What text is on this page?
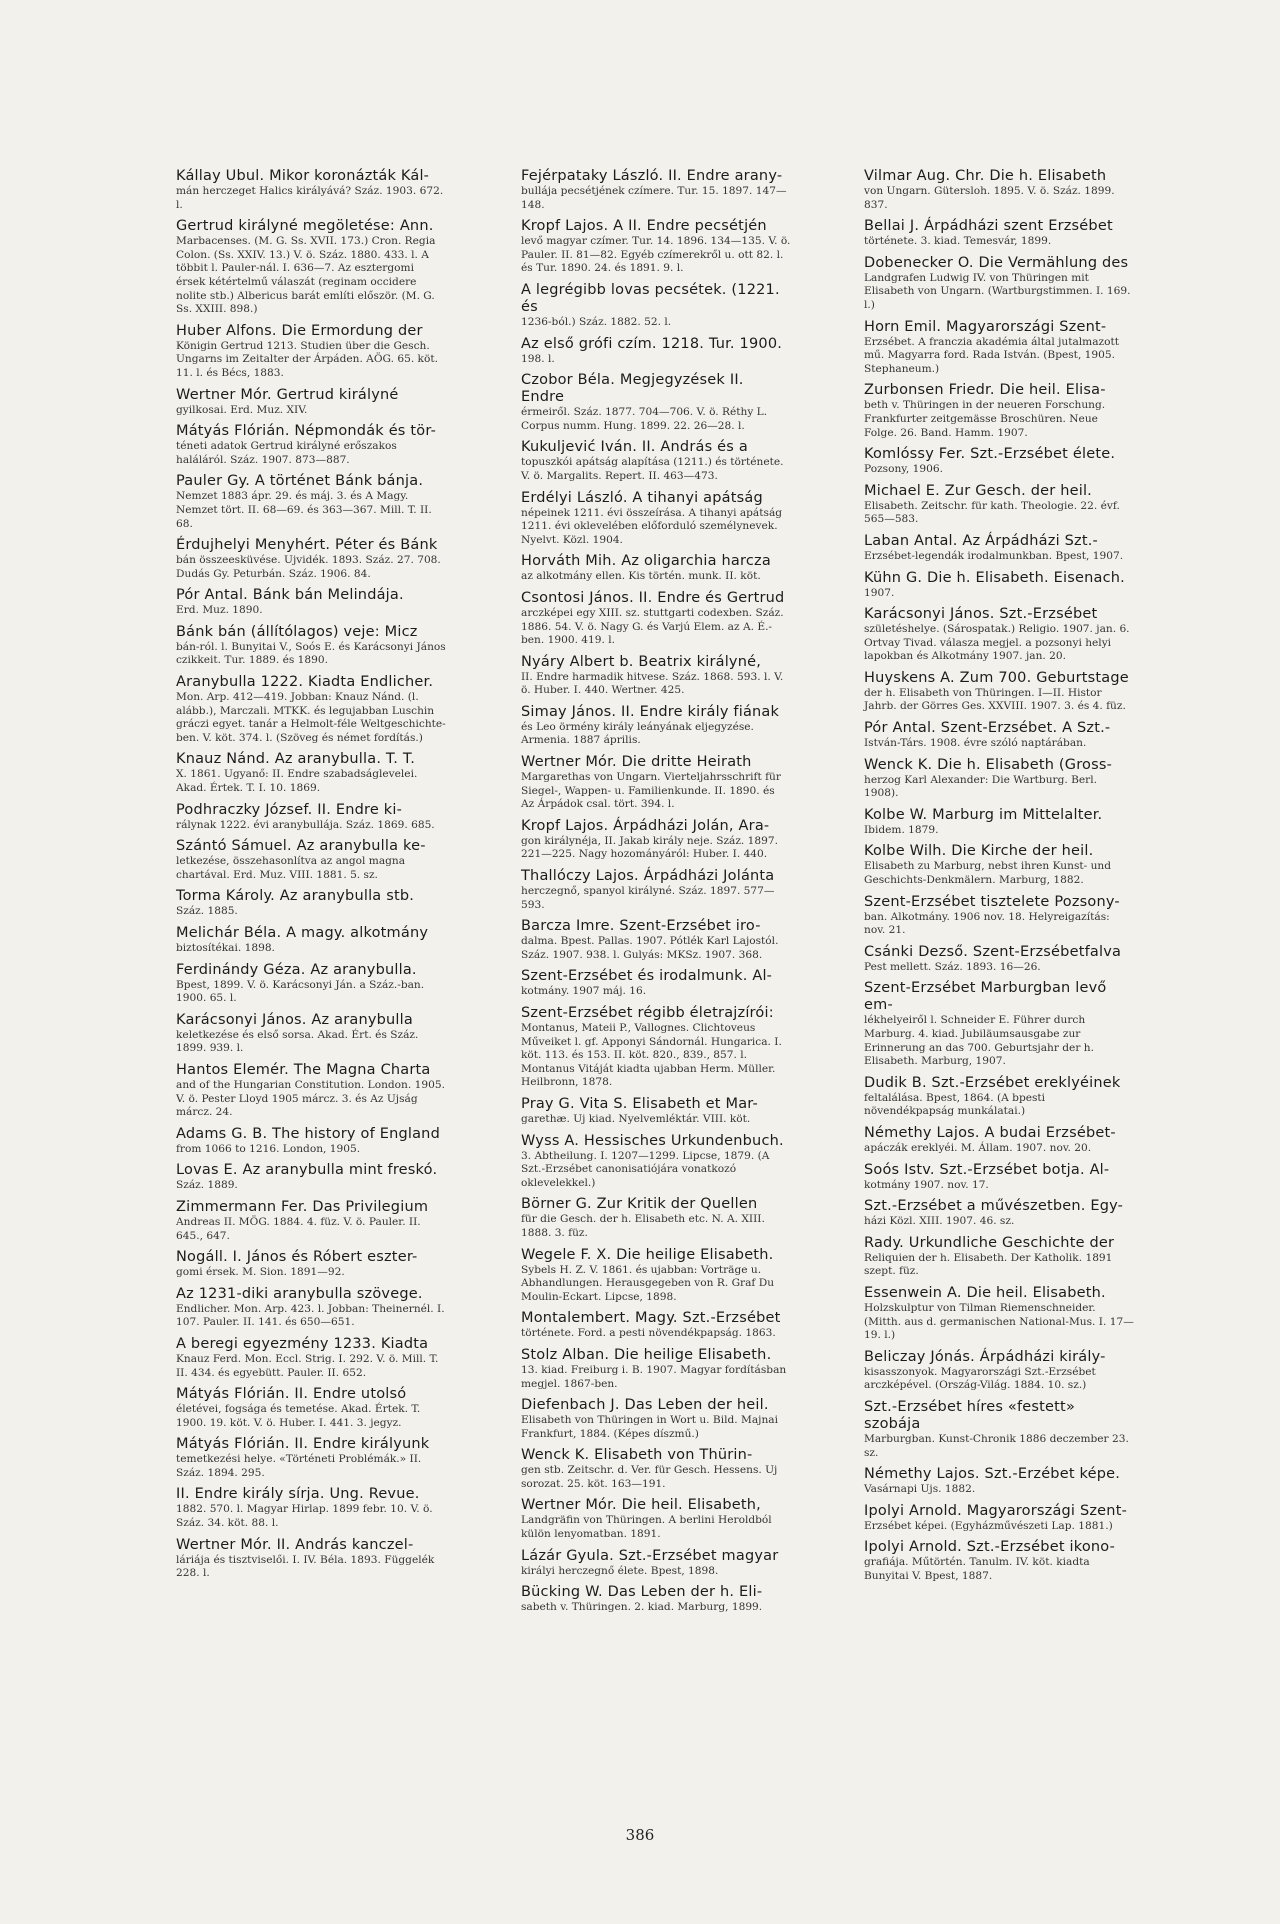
Kállay Ubul. Mikor koronázták Kál-
mán herczeget Halics királyává? Száz. 1903. 672. l.
Gertrud királyné megöletése: Ann.
Marbacenses. (M. G. Ss. XVII. 173.) Cron. Regia Colon. (Ss. XXIV. 13.) V. ö. Száz. 1880. 433. l. A többit l. Pauler-nál. I. 636—7. Az esztergomi érsek kétértelmű válaszát (reginam occidere nolite stb.) Albericus barát említi először. (M. G. Ss. XXIII. 898.)
Huber Alfons. Die Ermordung der
Königin Gertrud 1213. Studien über die Gesch. Ungarns im Zeitalter der Árpáden. AÖG. 65. köt. 11. l. és Bécs, 1883.
Wertner Mór. Gertrud királyné
gyilkosai. Erd. Muz. XIV.
Mátyás Flórián. Népmondák és tör-
téneti adatok Gertrud királyné erőszakos haláláról. Száz. 1907. 873—887.
Pauler Gy. A történet Bánk bánja.
Nemzet 1883 ápr. 29. és máj. 3. és A Magy. Nemzet tört. II. 68—69. és 363—367. Mill. T. II. 68.
Érdujhelyi Menyhért. Péter és Bánk
bán összeesküvése. Ujvidék. 1893. Száz. 27. 708. Dudás Gy. Peturbán. Száz. 1906. 84.
Pór Antal. Bánk bán Melindája.
Erd. Muz. 1890.
Bánk bán (állítólagos) veje: Micz
bán-ról. l. Bunyitai V., Soós E. és Karácsonyi János czikkeit. Tur. 1889. és 1890.
Aranybulla 1222. Kiadta Endlicher.
Mon. Arp. 412—419. Jobban: Knauz Nánd. (l. alább.), Marczali. MTKK. és legujabban Luschin gráczi egyet. tanár a Helmolt-féle Weltgeschichte-ben. V. köt. 374. l. (Szöveg és német fordítás.)
Knauz Nánd. Az aranybulla. T. T.
X. 1861. Ugyanő: II. Endre szabadságlevelei. Akad. Értek. T. I. 10. 1869.
Podhraczky József. II. Endre ki-
rálynak 1222. évi aranybullája. Száz. 1869. 685.
Szántó Sámuel. Az aranybulla ke-
letkezése, összehasonlítva az angol magna chartával. Erd. Muz. VIII. 1881. 5. sz.
Torma Károly. Az aranybulla stb.
Száz. 1885.
Melichár Béla. A magy. alkotmány
biztosítékai. 1898.
Ferdinándy Géza. Az aranybulla.
Bpest, 1899. V. ö. Karácsonyi Ján. a Száz.-ban. 1900. 65. l.
Karácsonyi János. Az aranybulla
keletkezése és első sorsa. Akad. Ért. és Száz. 1899. 939. l.
Hantos Elemér. The Magna Charta
and of the Hungarian Constitution. London. 1905. V. ö. Pester Lloyd 1905 márcz. 3. és Az Ujság márcz. 24.
Adams G. B. The history of England
from 1066 to 1216. London, 1905.
Lovas E. Az aranybulla mint freskó.
Száz. 1889.
Zimmermann Fer. Das Privilegium
Andreas II. MÖG. 1884. 4. füz. V. ö. Pauler. II. 645., 647.
Nogáll. I. János és Róbert eszter-
gomi érsek. M. Sion. 1891—92.
Az 1231-diki aranybulla szövege.
Endlicher. Mon. Arp. 423. l. Jobban: Theinernél. I. 107. Pauler. II. 141. és 650—651.
A beregi egyezmény 1233. Kiadta
Knauz Ferd. Mon. Eccl. Strig. I. 292. V. ö. Mill. T. II. 434. és egyebütt. Pauler. II. 652.
Mátyás Flórián. II. Endre utolsó
életévei, fogsága és temetése. Akad. Értek. T. 1900. 19. köt. V. ö. Huber. I. 441. 3. jegyz.
Mátyás Flórián. II. Endre királyunk
temetkezési helye. «Történeti Problémák.» II. Száz. 1894. 295.
II. Endre király sírja. Ung. Revue.
1882. 570. l. Magyar Hirlap. 1899 febr. 10. V. ö. Száz. 34. köt. 88. l.
Wertner Mór. II. András kanczel-
láriája és tisztviselői. I. IV. Béla. 1893. Függelék 228. l.
Fejérpataky László. II. Endre arany-
bullája pecsétjének czímere. Tur. 15. 1897. 147—148.
Kropf Lajos. A II. Endre pecsétjén
levő magyar czímer. Tur. 14. 1896. 134—135. V. ö. Pauler. II. 81—82. Egyéb czímerekről u. ott 82. l. és Tur. 1890. 24. és 1891. 9. l.
A legrégibb lovas pecsétek. (1221. és
1236-ból.) Száz. 1882. 52. l.
Az első grófi czím. 1218. Tur. 1900.
198. l.
Czobor Béla. Megjegyzések II. Endre
érmeiről. Száz. 1877. 704—706. V. ö. Réthy L. Corpus numm. Hung. 1899. 22. 26—28. l.
Kukuljević Iván. II. András és a
topuszkói apátság alapítása (1211.) és története. V. ö. Margalits. Repert. II. 463—473.
Erdélyi László. A tihanyi apátság
népeinek 1211. évi összeírása. A tihanyi apátság 1211. évi oklevelében előforduló személynevek. Nyelvt. Közl. 1904.
Horváth Mih. Az oligarchia harcza
az alkotmány ellen. Kis történ. munk. II. köt.
Csontosi János. II. Endre és Gertrud
arczképei egy XIII. sz. stuttgarti codexben. Száz. 1886. 54. V. ö. Nagy G. és Varjú Elem. az A. É.-ben. 1900. 419. l.
Nyáry Albert b. Beatrix királyné,
II. Endre harmadik hitvese. Száz. 1868. 593. l. V. ö. Huber. I. 440. Wertner. 425.
Simay János. II. Endre király fiának
és Leo örmény király leányának eljegyzése. Armenia. 1887 április.
Wertner Mór. Die dritte Heirath
Margarethas von Ungarn. Vierteljahrsschrift für Siegel-, Wappen- u. Familienkunde. II. 1890. és Az Árpádok csal. tört. 394. l.
Kropf Lajos. Árpádházi Jolán, Ara-
gon királynéja, II. Jakab király neje. Száz. 1897. 221—225. Nagy hozományáról: Huber. I. 440.
Thallóczy Lajos. Árpádházi Jolánta
herczegnő, spanyol királyné. Száz. 1897. 577—593.
Barcza Imre. Szent-Erzsébet iro-
dalma. Bpest. Pallas. 1907. Pótlék Karl Lajostól. Száz. 1907. 938. l. Gulyás: MKSz. 1907. 368.
Szent-Erzsébet és irodalmunk. Al-
kotmány. 1907 máj. 16.
Szent-Erzsébet régibb életrajzírói:
Montanus, Mateii P., Vallognes. Clichtoveus Műveiket l. gf. Apponyi Sándornál. Hungarica. I. köt. 113. és 153. II. köt. 820., 839., 857. l. Montanus Vitáját kiadta ujabban Herm. Müller. Heilbronn, 1878.
Pray G. Vita S. Elisabeth et Mar-
garethæ. Uj kiad. Nyelvemléktár. VIII. köt.
Wyss A. Hessisches Urkundenbuch.
3. Abtheilung. I. 1207—1299. Lipcse, 1879. (A Szt.-Erzsébet canonisatiójára vonatkozó oklevelekkel.)
Börner G. Zur Kritik der Quellen
für die Gesch. der h. Elisabeth etc. N. A. XIII. 1888. 3. füz.
Wegele F. X. Die heilige Elisabeth.
Sybels H. Z. V. 1861. és ujabban: Vorträge u. Abhandlungen. Herausgegeben von R. Graf Du Moulin-Eckart. Lipcse, 1898.
Montalembert. Magy. Szt.-Erzsébet
története. Ford. a pesti növendékpapság. 1863.
Stolz Alban. Die heilige Elisabeth.
13. kiad. Freiburg i. B. 1907. Magyar fordításban megjel. 1867-ben.
Diefenbach J. Das Leben der heil.
Elisabeth von Thüringen in Wort u. Bild. Majnai Frankfurt, 1884. (Képes díszmű.)
Wenck K. Elisabeth von Thürin-
gen stb. Zeitschr. d. Ver. für Gesch. Hessens. Uj sorozat. 25. köt. 163—191.
Wertner Mór. Die heil. Elisabeth,
Landgräfin von Thüringen. A berlini Heroldból külön lenyomatban. 1891.
Lázár Gyula. Szt.-Erzsébet magyar
királyi herczegnő élete. Bpest, 1898.
Bücking W. Das Leben der h. Eli-
sabeth v. Thüringen. 2. kiad. Marburg, 1899.
Vilmar Aug. Chr. Die h. Elisabeth
von Ungarn. Gütersloh. 1895. V. ö. Száz. 1899. 837.
Bellai J. Árpádházi szent Erzsébet
története. 3. kiad. Temesvár, 1899.
Dobenecker O. Die Vermählung des
Landgrafen Ludwig IV. von Thüringen mit Elisabeth von Ungarn. (Wartburgstimmen. I. 169. l.)
Horn Emil. Magyarországi Szent-
Erzsébet. A franczia akadémia által jutalmazott mű. Magyarra ford. Rada István. (Bpest, 1905. Stephaneum.)
Zurbonsen Friedr. Die heil. Elisa-
beth v. Thüringen in der neueren Forschung. Frankfurter zeitgemässe Broschüren. Neue Folge. 26. Band. Hamm. 1907.
Komlóssy Fer. Szt.-Erzsébet élete.
Pozsony, 1906.
Michael E. Zur Gesch. der heil.
Elisabeth. Zeitschr. für kath. Theologie. 22. évf. 565—583.
Laban Antal. Az Árpádházi Szt.-
Erzsébet-legendák irodalmunkban. Bpest, 1907.
Kühn G. Die h. Elisabeth. Eisenach.
1907.
Karácsonyi János. Szt.-Erzsébet
születéshelye. (Sárospatak.) Religio. 1907. jan. 6. Ortvay Tivad. válasza megjel. a pozsonyi helyi lapokban és Alkotmány 1907. jan. 20.
Huyskens A. Zum 700. Geburtstage
der h. Elisabeth von Thüringen. I—II. Histor Jahrb. der Görres Ges. XXVIII. 1907. 3. és 4. füz.
Pór Antal. Szent-Erzsébet. A Szt.-
István-Társ. 1908. évre szóló naptárában.
Wenck K. Die h. Elisabeth (Gross-
herzog Karl Alexander: Die Wartburg. Berl. 1908).
Kolbe W. Marburg im Mittelalter.
Ibidem. 1879.
Kolbe Wilh. Die Kirche der heil.
Elisabeth zu Marburg, nebst ihren Kunst- und Geschichts-Denkmälern. Marburg, 1882.
Szent-Erzsébet tisztelete Pozsony-
ban. Alkotmány. 1906 nov. 18. Helyreigazítás: nov. 21.
Csánki Dezső. Szent-Erzsébetfalva
Pest mellett. Száz. 1893. 16—26.
Szent-Erzsébet Marburgban levő em-
lékhelyeiről l. Schneider E. Führer durch Marburg. 4. kiad. Jubiläumsausgabe zur Erinnerung an das 700. Geburtsjahr der h. Elisabeth. Marburg, 1907.
Dudik B. Szt.-Erzsébet ereklyéinek
feltalálása. Bpest, 1864. (A bpesti növendékpapság munkálatai.)
Némethy Lajos. A budai Erzsébet-
apáczák ereklyéi. M. Állam. 1907. nov. 20.
Soós Istv. Szt.-Erzsébet botja. Al-
kotmány 1907. nov. 17.
Szt.-Erzsébet a művészetben. Egy-
házi Közl. XIII. 1907. 46. sz.
Rady. Urkundliche Geschichte der
Reliquien der h. Elisabeth. Der Katholik. 1891 szept. füz.
Essenwein A. Die heil. Elisabeth.
Holzskulptur von Tilman Riemenschneider. (Mitth. aus d. germanischen National-Mus. I. 17—19. l.)
Beliczay Jónás. Árpádházi király-
kisasszonyok. Magyarországi Szt.-Erzsébet arczképével. (Ország-Világ. 1884. 10. sz.)
Szt.-Erzsébet híres «festett» szobája
Marburgban. Kunst-Chronik 1886 deczember 23. sz.
Némethy Lajos. Szt.-Erzébet képe.
Vasárnapi Ujs. 1882.
Ipolyi Arnold. Magyarországi Szent-
Erzsébet képei. (Egyházművészeti Lap. 1881.)
Ipolyi Arnold. Szt.-Erzsébet ikono-
grafiája. Műtörtén. Tanulm. IV. köt. kiadta Bunyitai V. Bpest, 1887.
386
